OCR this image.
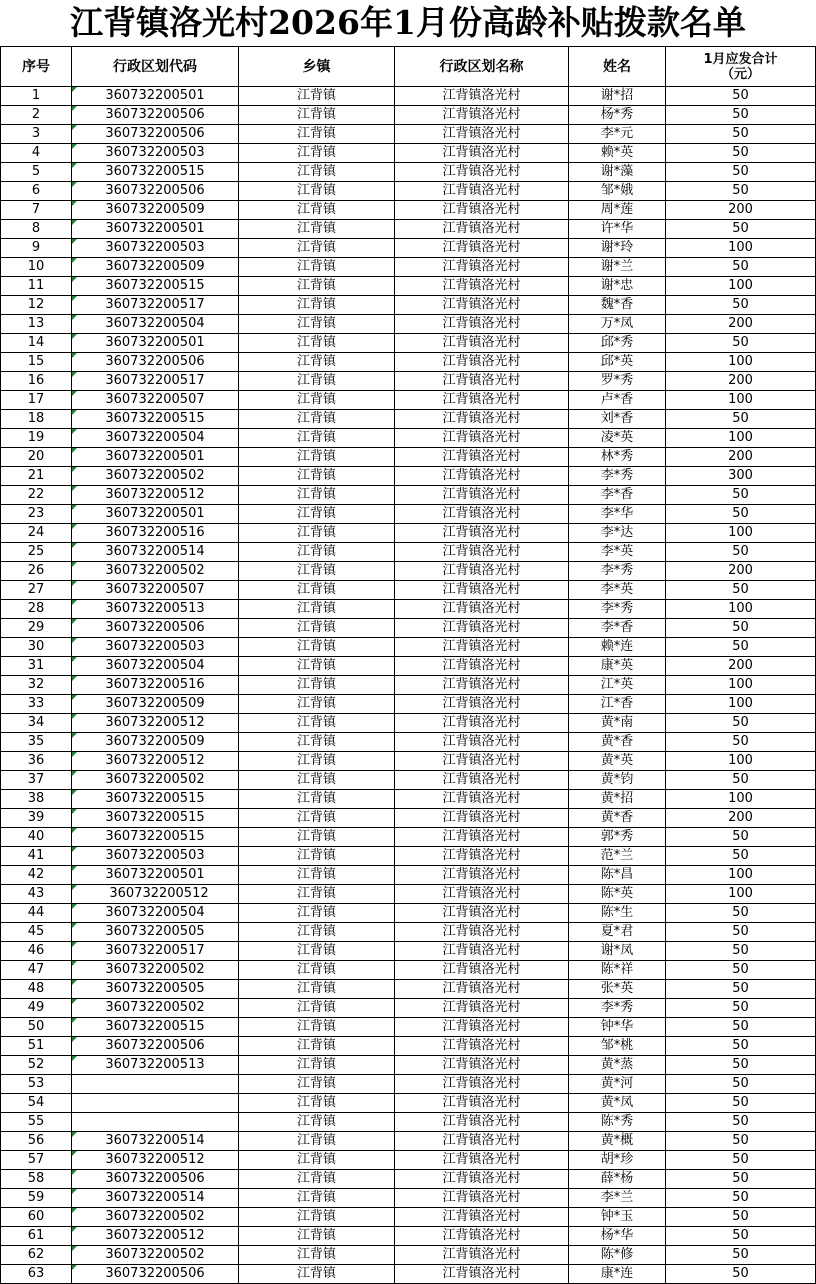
江背镇洛光村2026年1月份高龄补贴拨款名单
序号	行政区划代码	乡镇	行政区划名称	姓名	1月应发合计
（元）
1	360732200501	江背镇	江背镇洛光村	谢*招	50
2	360732200506	江背镇	江背镇洛光村	杨*秀	50
3	360732200506	江背镇	江背镇洛光村	李*元	50
4	360732200503	江背镇	江背镇洛光村	赖*英	50
5	360732200515	江背镇	江背镇洛光村	谢*藻	50
6	360732200506	江背镇	江背镇洛光村	邹*娥	50
7	360732200509	江背镇	江背镇洛光村	周*莲	200
8	360732200501	江背镇	江背镇洛光村	许*华	50
9	360732200503	江背镇	江背镇洛光村	谢*玲	100
10	360732200509	江背镇	江背镇洛光村	谢*兰	50
11	360732200515	江背镇	江背镇洛光村	谢*忠	100
12	360732200517	江背镇	江背镇洛光村	魏*香	50
13	360732200504	江背镇	江背镇洛光村	万*凤	200
14	360732200501	江背镇	江背镇洛光村	邱*秀	50
15	360732200506	江背镇	江背镇洛光村	邱*英	100
16	360732200517	江背镇	江背镇洛光村	罗*秀	200
17	360732200507	江背镇	江背镇洛光村	卢*香	100
18	360732200515	江背镇	江背镇洛光村	刘*香	50
19	360732200504	江背镇	江背镇洛光村	凌*英	100
20	360732200501	江背镇	江背镇洛光村	林*秀	200
21	360732200502	江背镇	江背镇洛光村	李*秀	300
22	360732200512	江背镇	江背镇洛光村	李*香	50
23	360732200501	江背镇	江背镇洛光村	李*华	50
24	360732200516	江背镇	江背镇洛光村	李*达	100
25	360732200514	江背镇	江背镇洛光村	李*英	50
26	360732200502	江背镇	江背镇洛光村	李*秀	200
27	360732200507	江背镇	江背镇洛光村	李*英	50
28	360732200513	江背镇	江背镇洛光村	李*秀	100
29	360732200506	江背镇	江背镇洛光村	李*香	50
30	360732200503	江背镇	江背镇洛光村	赖*连	50
31	360732200504	江背镇	江背镇洛光村	康*英	200
32	360732200516	江背镇	江背镇洛光村	江*英	100
33	360732200509	江背镇	江背镇洛光村	江*香	100
34	360732200512	江背镇	江背镇洛光村	黄*南	50
35	360732200509	江背镇	江背镇洛光村	黄*香	50
36	360732200512	江背镇	江背镇洛光村	黄*英	100
37	360732200502	江背镇	江背镇洛光村	黄*钧	50
38	360732200515	江背镇	江背镇洛光村	黄*招	100
39	360732200515	江背镇	江背镇洛光村	黄*香	200
40	360732200515	江背镇	江背镇洛光村	郭*秀	50
41	360732200503	江背镇	江背镇洛光村	范*兰	50
42	360732200501	江背镇	江背镇洛光村	陈*昌	100
43	360732200512	江背镇	江背镇洛光村	陈*英	100
44	360732200504	江背镇	江背镇洛光村	陈*生	50
45	360732200505	江背镇	江背镇洛光村	夏*君	50
46	360732200517	江背镇	江背镇洛光村	谢*凤	50
47	360732200502	江背镇	江背镇洛光村	陈*祥	50
48	360732200505	江背镇	江背镇洛光村	张*英	50
49	360732200502	江背镇	江背镇洛光村	李*秀	50
50	360732200515	江背镇	江背镇洛光村	钟*华	50
51	360732200506	江背镇	江背镇洛光村	邹*桃	50
52	360732200513	江背镇	江背镇洛光村	黄*蒸	50
53		江背镇	江背镇洛光村	黄*河	50
54		江背镇	江背镇洛光村	黄*凤	50
55		江背镇	江背镇洛光村	陈*秀	50
56	360732200514	江背镇	江背镇洛光村	黄*概	50
57	360732200512	江背镇	江背镇洛光村	胡*珍	50
58	360732200506	江背镇	江背镇洛光村	薛*杨	50
59	360732200514	江背镇	江背镇洛光村	李*兰	50
60	360732200502	江背镇	江背镇洛光村	钟*玉	50
61	360732200512	江背镇	江背镇洛光村	杨*华	50
62	360732200502	江背镇	江背镇洛光村	陈*修	50
63	360732200506	江背镇	江背镇洛光村	康*连	50
